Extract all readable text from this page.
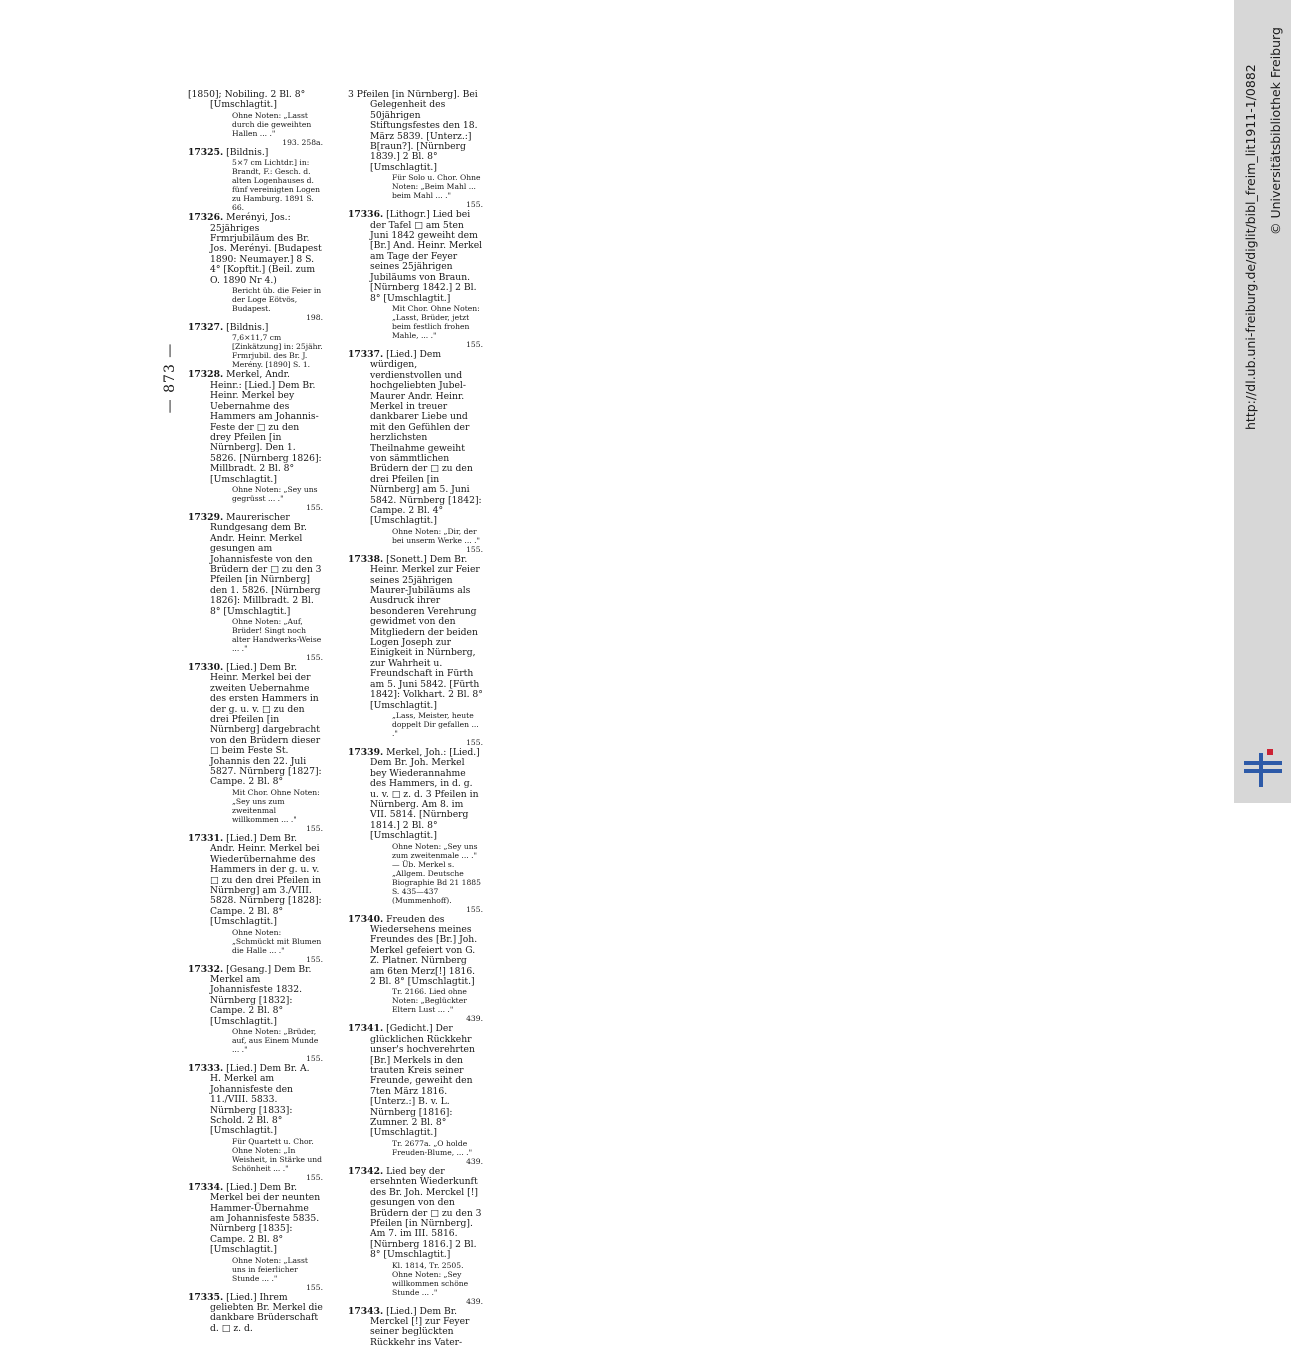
— 873 —
[1850]; Nobiling. 2 Bl. 8° [Umschlagtit.]
Ohne Noten: „Lasst durch die geweihten Hallen ... ."
193. 258a.
17325. [Bildnis.]
5×7 cm Lichtdr.] in: Brandt, F.: Gesch. d. alten Logenhauses d. fünf vereinigten Logen zu Hamburg. 1891 S. 66.
17326. Merényi, Jos.: 25jähriges Frmrjubiläum des Br. Jos. Merényi. [Budapest 1890: Neumayer.] 8 S. 4° [Kopftit.] (Beil. zum O. 1890 Nr 4.)
Bericht üb. die Feier in der Loge Eötvös, Budapest.
198.
17327. [Bildnis.]
7,6×11,7 cm [Zinkätzung] in: 25jähr. Frmrjubil. des Br. J. Merény. [1890] S. 1.
17328. Merkel, Andr. Heinr.: [Lied.] Dem Br. Heinr. Merkel bey Uebernahme des Hammers am Johannis-Feste der □ zu den drey Pfeilen [in Nürnberg]. Den 1. 5826. [Nürnberg 1826]: Millbradt. 2 Bl. 8° [Umschlagtit.]
Ohne Noten: „Sey uns gegrüsst ... ."
155.
17329. Maurerischer Rundgesang dem Br. Andr. Heinr. Merkel gesungen am Johannisfeste von den Brüdern der □ zu den 3 Pfeilen [in Nürnberg] den 1. 5826. [Nürnberg 1826]: Millbradt. 2 Bl. 8° [Umschlagtit.]
Ohne Noten: „Auf, Brüder! Singt noch alter Handwerks-Weise ... ."
155.
17330. [Lied.] Dem Br. Heinr. Merkel bei der zweiten Uebernahme des ersten Hammers in der g. u. v. □ zu den drei Pfeilen [in Nürnberg] dargebracht von den Brüdern dieser □ beim Feste St. Johannis den 22. Juli 5827. Nürnberg [1827]: Campe. 2 Bl. 8°
Mit Chor. Ohne Noten: „Sey uns zum zweitenmal willkommen ... ."
155.
17331. [Lied.] Dem Br. Andr. Heinr. Merkel bei Wiederübernahme des Hammers in der g. u. v. □ zu den drei Pfeilen in Nürnberg] am 3./VIII. 5828. Nürnberg [1828]: Campe. 2 Bl. 8° [Umschlagtit.]
Ohne Noten: „Schmückt mit Blumen die Halle ... ."
155.
17332. [Gesang.] Dem Br. Merkel am Johannisfeste 1832. Nürnberg [1832]: Campe. 2 Bl. 8° [Umschlagtit.]
Ohne Noten: „Brüder, auf, aus Einem Munde ... ."
155.
17333. [Lied.] Dem Br. A. H. Merkel am Johannisfeste den 11./VIII. 5833. Nürnberg [1833]: Schold. 2 Bl. 8° [Umschlagtit.]
Für Quartett u. Chor. Ohne Noten: „In Weisheit, in Stärke und Schönheit ... ."
155.
17334. [Lied.] Dem Br. Merkel bei der neunten Hammer-Übernahme am Johannisfeste 5835. Nürnberg [1835]: Campe. 2 Bl. 8° [Umschlagtit.]
Ohne Noten: „Lasst uns in feierlicher Stunde ... ."
155.
17335. [Lied.] Ihrem geliebten Br. Merkel die dankbare Brüderschaft d. □ z. d.
3 Pfeilen [in Nürnberg]. Bei Gelegenheit des 50jährigen Stiftungsfestes den 18. März 5839. [Unterz.:] B[raun?]. [Nürnberg 1839.] 2 Bl. 8° [Umschlagtit.]
Für Solo u. Chor. Ohne Noten: „Beim Mahl ... beim Mahl ... ."
155.
17336. [Lithogr.] Lied bei der Tafel □ am 5ten Juni 1842 geweiht dem [Br.] And. Heinr. Merkel am Tage der Feyer seines 25jährigen Jubiläums von Braun. [Nürnberg 1842.] 2 Bl. 8° [Umschlagtit.]
Mit Chor. Ohne Noten: „Lasst, Brüder, jetzt beim festlich frohen Mahle, ... ."
155.
17337. [Lied.] Dem würdigen, verdienstvollen und hochgeliebten Jubel-Maurer Andr. Heinr. Merkel in treuer dankbarer Liebe und mit den Gefühlen der herzlichsten Theilnahme geweiht von sämmtlichen Brüdern der □ zu den drei Pfeilen [in Nürnberg] am 5. Juni 5842. Nürnberg [1842]: Campe. 2 Bl. 4° [Umschlagtit.]
Ohne Noten: „Dir, der bei unserm Werke ... ."
155.
17338. [Sonett.] Dem Br. Heinr. Merkel zur Feier seines 25jährigen Maurer-Jubiläums als Ausdruck ihrer besonderen Verehrung gewidmet von den Mitgliedern der beiden Logen Joseph zur Einigkeit in Nürnberg, zur Wahrheit u. Freundschaft in Fürth am 5. Juni 5842. [Fürth 1842]: Volkhart. 2 Bl. 8° [Umschlagtit.]
„Lass, Meister, heute doppelt Dir gefallen ... ."
155.
17339. Merkel, Joh.: [Lied.] Dem Br. Joh. Merkel bey Wiederannahme des Hammers, in d. g. u. v. □ z. d. 3 Pfeilen in Nürnberg. Am 8. im VII. 5814. [Nürnberg 1814.] 2 Bl. 8° [Umschlagtit.]
Ohne Noten: „Sey uns zum zweitenmale ... ." — Üb. Merkel s. „Allgem. Deutsche Biographie Bd 21 1885 S. 435—437 (Mummenhoff).
155.
17340. Freuden des Wiedersehens meines Freundes des [Br.] Joh. Merkel gefeiert von G. Z. Platner. Nürnberg am 6ten Merz[!] 1816. 2 Bl. 8° [Umschlagtit.]
Tr. 2166. Lied ohne Noten: „Beglückter Eltern Lust ... ."
439.
17341. [Gedicht.] Der glücklichen Rückkehr unser's hochverehrten [Br.] Merkels in den trauten Kreis seiner Freunde, geweiht den 7ten März 1816. [Unterz.:] B. v. L. Nürnberg [1816]: Zumner. 2 Bl. 8° [Umschlagtit.]
Tr. 2677a. „O holde Freuden-Blume, ... ."
439.
17342. Lied bey der ersehnten Wiederkunft des Br. Joh. Merckel [!] gesungen von den Brüdern der □ zu den 3 Pfeilen [in Nürnberg]. Am 7. im III. 5816. [Nürnberg 1816.] 2 Bl. 8° [Umschlagtit.]
Kl. 1814, Tr. 2505. Ohne Noten: „Sey willkommen schöne Stunde ... ."
439.
17343. [Lied.] Dem Br. Merckel [!] zur Feyer seiner beglückten Rückkehr ins Vater-
http://dl.ub.uni-freiburg.de/diglit/bibl_freim_lit1911-1/0882 © Universitätsbibliothek Freiburg
